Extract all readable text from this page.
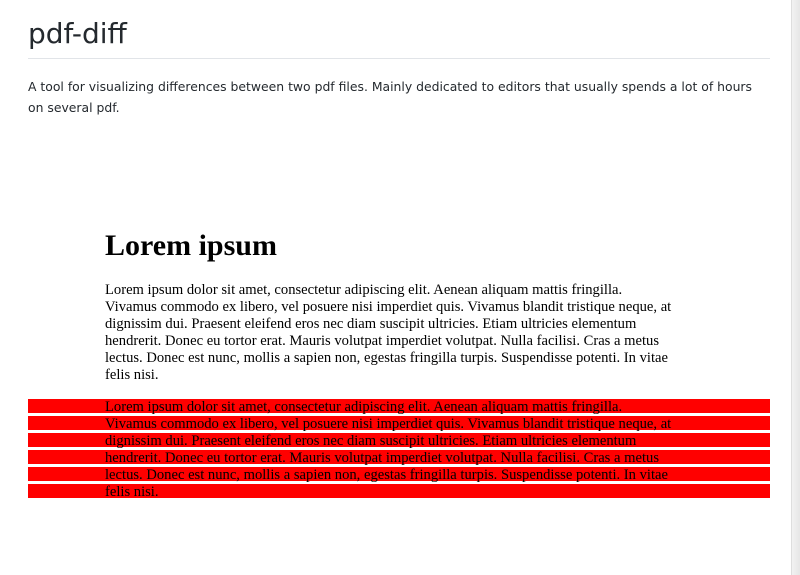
pdf-diff

A tool for visualizing differences between two pdf files. Mainly dedicated to editors that usually spends a lot of hours on several pdf.

Lorem ipsum
Lorem ipsum dolor sit amet, consectetur adipiscing elit. Aenean aliquam mattis fringilla.
Vivamus commodo ex libero, vel posuere nisi imperdiet quis. Vivamus blandit tristique neque, at
dignissim dui. Praesent eleifend eros nec diam suscipit ultricies. Etiam ultricies elementum
hendrerit. Donec eu tortor erat. Mauris volutpat imperdiet volutpat. Nulla facilisi. Cras a metus
lectus. Donec est nunc, mollis a sapien non, egestas fringilla turpis. Suspendisse potenti. In vitae
felis nisi.
Lorem ipsum dolor sit amet, consectetur adipiscing elit. Aenean aliquam mattis fringilla.
Vivamus commodo ex libero, vel posuere nisi imperdiet quis. Vivamus blandit tristique neque, at
dignissim dui. Praesent eleifend eros nec diam suscipit ultricies. Etiam ultricies elementum
hendrerit. Donec eu tortor erat. Mauris volutpat imperdiet volutpat. Nulla facilisi. Cras a metus
lectus. Donec est nunc, mollis a sapien non, egestas fringilla turpis. Suspendisse potenti. In vitae
felis nisi.
